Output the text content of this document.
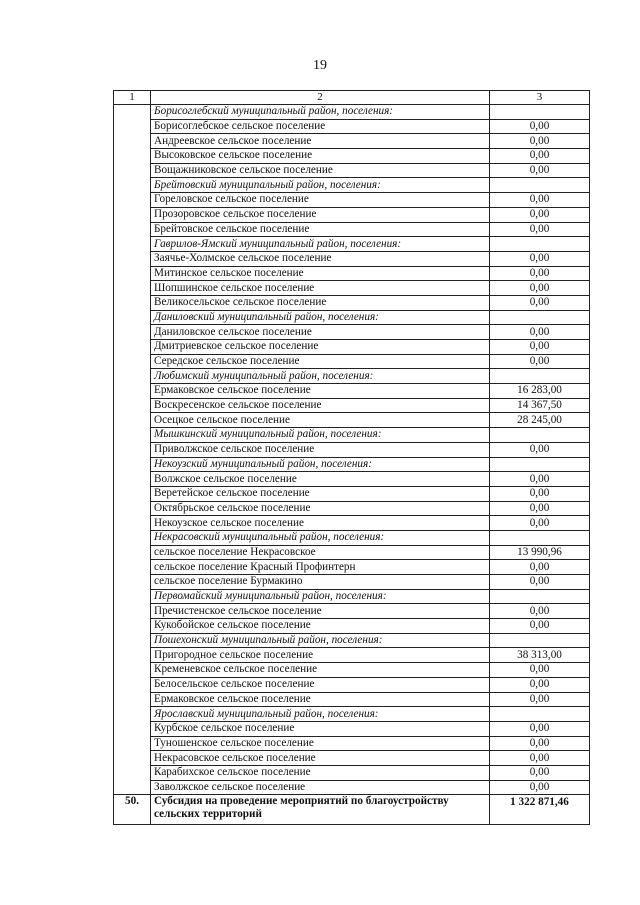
19
1	2	3
	Борисоглебский муниципальный район, поселения:	
	Борисоглебское сельское поселение	0,00
	Андреевское сельское поселение	0,00
	Высоковское сельское поселение	0,00
	Вощажниковское сельское поселение	0,00
	Брейтовский муниципальный район, поселения:	
	Гореловское сельское поселение	0,00
	Прозоровское сельское поселение	0,00
	Брейтовское сельское поселение	0,00
	Гаврилов-Ямский муниципальный район, поселения:	
	Заячье-Холмское сельское поселение	0,00
	Митинское сельское поселение	0,00
	Шопшинское сельское поселение	0,00
	Великосельское сельское поселение	0,00
	Даниловский муниципальный район, поселения:	
	Даниловское сельское поселение	0,00
	Дмитриевское сельское поселение	0,00
	Середское сельское поселение	0,00
	Любимский муниципальный район, поселения:	
	Ермаковское сельское поселение	16 283,00
	Воскресенское сельское поселение	14 367,50
	Осецкое сельское поселение	28 245,00
	Мышкинский муниципальный район, поселения:	
	Приволжское сельское поселение	0,00
	Некоузский муниципальный район, поселения:	
	Волжское сельское поселение	0,00
	Веретейское сельское поселение	0,00
	Октябрьское сельское поселение	0,00
	Некоузское сельское поселение	0,00
	Некрасовский муниципальный район, поселения:	
	сельское поселение Некрасовское	13 990,96
	сельское поселение Красный Профинтерн	0,00
	сельское поселение Бурмакино	0,00
	Первомайский муниципальный район, поселения:	
	Пречистенское сельское поселение	0,00
	Кукобойское сельское поселение	0,00
	Пошехонский муниципальный район, поселения:	
	Пригородное сельское поселение	38 313,00
	Кременевское сельское поселение	0,00
	Белосельское сельское поселение	0,00
	Ермаковское сельское поселение	0,00
	Ярославский муниципальный район, поселения:	
	Курбское сельское поселение	0,00
	Туношенское сельское поселение	0,00
	Некрасовское сельское поселение	0,00
	Карабихское сельское поселение	0,00
	Заволжское сельское поселение	0,00
50.	Субсидия на проведение мероприятий по благоустройству сельских территорий	1 322 871,46
